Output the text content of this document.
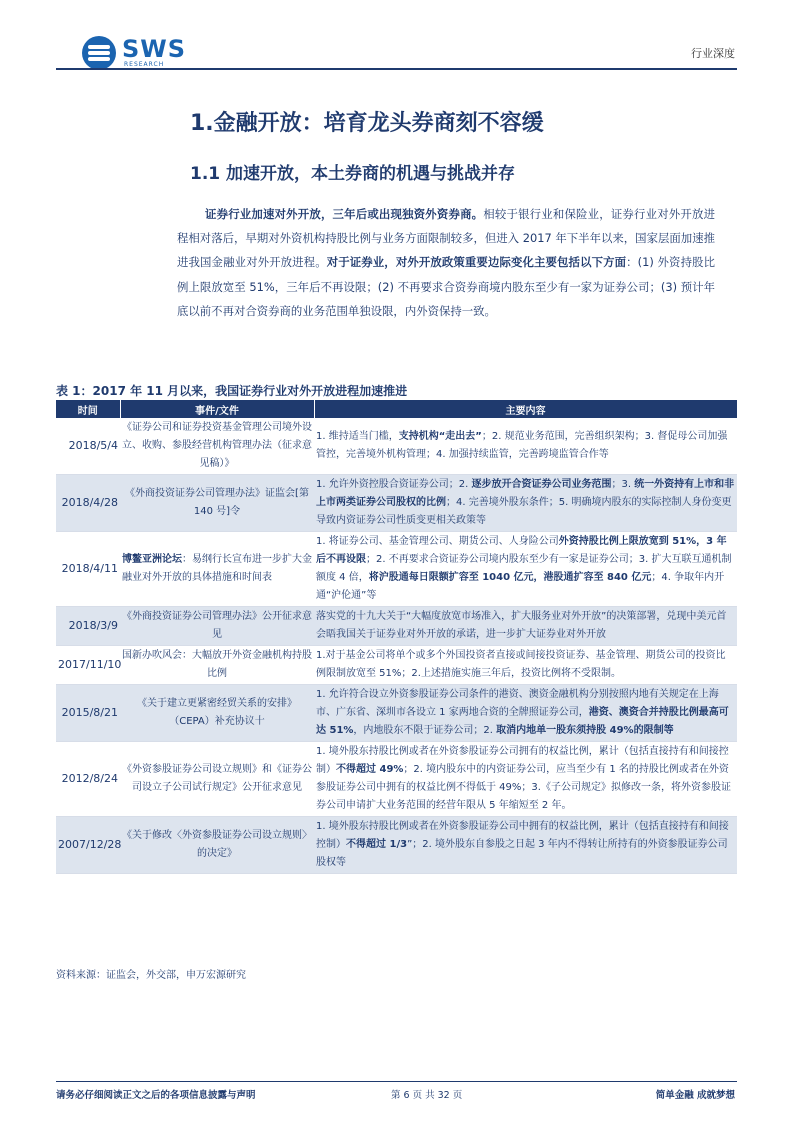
SWS
RESEARCH
行业深度
1.金融开放：培育龙头券商刻不容缓
1.1 加速开放，本土券商的机遇与挑战并存
证券行业加速对外开放，三年后或出现独资外资券商。相较于银行业和保险业，证券行业对外开放进程相对落后，早期对外资机构持股比例与业务方面限制较多，但进入 2017 年下半年以来，国家层面加速推进我国金融业对外开放进程。对于证券业，对外开放政策重要边际变化主要包括以下方面：(1) 外资持股比例上限放宽至 51%，三年后不再设限；(2) 不再要求合资券商境内股东至少有一家为证券公司；(3) 预计年底以前不再对合资券商的业务范围单独设限，内外资保持一致。
表 1：2017 年 11 月以来，我国证券行业对外开放进程加速推进
时间	事件/文件	主要内容
2018/5/4	《证券公司和证券投资基金管理公司境外设立、收购、参股经营机构管理办法（征求意见稿）》	1. 维持适当门槛，支持机构“走出去”；2. 规范业务范围，完善组织架构；3. 督促母公司加强管控，完善境外机构管理；4. 加强持续监管，完善跨境监管合作等
2018/4/28	《外商投资证券公司管理办法》证监会[第 140 号]令	1. 允许外资控股合资证券公司；2. 逐步放开合资证券公司业务范围；3. 统一外资持有上市和非上市两类证券公司股权的比例；4. 完善境外股东条件；5. 明确境内股东的实际控制人身份变更导致内资证券公司性质变更相关政策等
2018/4/11	博鳌亚洲论坛：易纲行长宣布进一步扩大金融业对外开放的具体措施和时间表	1. 将证券公司、基金管理公司、期货公司、人身险公司外资持股比例上限放宽到 51%，3 年后不再设限；2. 不再要求合资证券公司境内股东至少有一家是证券公司；3. 扩大互联互通机制额度 4 倍，将沪股通每日限额扩容至 1040 亿元，港股通扩容至 840 亿元；4. 争取年内开通“沪伦通”等
2018/3/9	《外商投资证券公司管理办法》公开征求意见	落实党的十九大关于“大幅度放宽市场准入，扩大服务业对外开放”的决策部署，兑现中美元首会晤我国关于证券业对外开放的承诺，进一步扩大证券业对外开放
2017/11/10	国新办吹风会：大幅放开外资金融机构持股比例	1.对于基金公司将单个或多个外国投资者直接或间接投资证券、基金管理、期货公司的投资比例限制放宽至 51%；2.上述措施实施三年后，投资比例将不受限制。
2015/8/21	《关于建立更紧密经贸关系的安排》（CEPA）补充协议十	1. 允许符合设立外资参股证券公司条件的港资、澳资金融机构分别按照内地有关规定在上海市、广东省、深圳市各设立 1 家两地合资的全牌照证券公司，港资、澳资合并持股比例最高可达 51%，内地股东不限于证券公司；2. 取消内地单一股东须持股 49%的限制等
2012/8/24	《外资参股证券公司设立规则》和《证券公司设立子公司试行规定》公开征求意见	1. 境外股东持股比例或者在外资参股证券公司拥有的权益比例，累计（包括直接持有和间接控制）不得超过 49%；2. 境内股东中的内资证券公司，应当至少有 1 名的持股比例或者在外资参股证券公司中拥有的权益比例不得低于 49%；3.《子公司规定》拟修改一条，将外资参股证券公司申请扩大业务范围的经营年限从 5 年缩短至 2 年。
2007/12/28	《关于修改〈外资参股证券公司设立规则〉的决定》	1. 境外股东持股比例或者在外资参股证券公司中拥有的权益比例，累计（包括直接持有和间接控制）不得超过 1/3”；2. 境外股东自参股之日起 3 年内不得转让所持有的外资参股证券公司股权等
资料来源：证监会，外交部，申万宏源研究
请务必仔细阅读正文之后的各项信息披露与声明	第 6 页 共 32 页	简单金融 成就梦想
